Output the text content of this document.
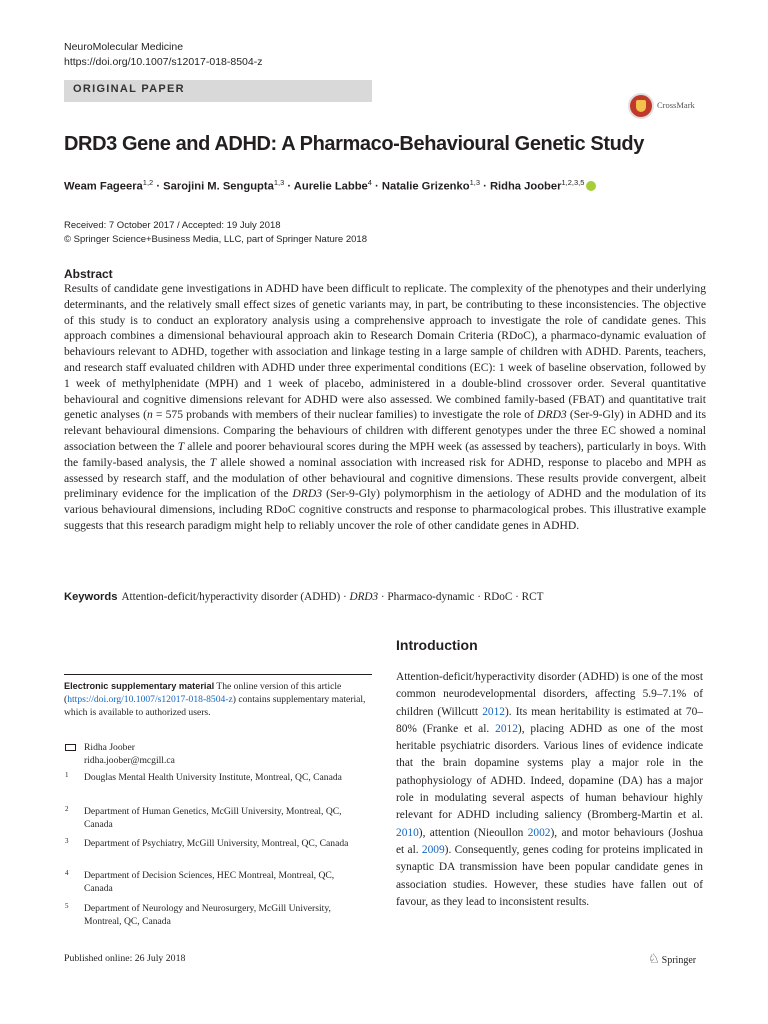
NeuroMolecular Medicine
https://doi.org/10.1007/s12017-018-8504-z
ORIGINAL PAPER
CrossMark
DRD3 Gene and ADHD: A Pharmaco-Behavioural Genetic Study
Weam Fageera$^{1,2}$ · Sarojini M. Sengupta$^{1,3}$ · Aurelie Labbe$^4$ · Natalie Grizenko$^{1,3}$ · Ridha Joober$^{1,2,3,5}$
Received: 7 October 2017 / Accepted: 19 July 2018
© Springer Science+Business Media, LLC, part of Springer Nature 2018
Abstract

Results of candidate gene investigations in ADHD have been difficult to replicate. The complexity of the phenotypes and their underlying determinants, and the relatively small effect sizes of genetic variants may, in part, be contributing to these inconsistencies. The objective of this study is to conduct an exploratory analysis using a comprehensive approach to investigate the role of candidate genes. This approach combines a dimensional behavioural approach akin to Research Domain Criteria (RDoC), a pharmaco-dynamic evaluation of behaviours relevant to ADHD, together with association and linkage testing in a large sample of children with ADHD. Parents, teachers, and research staff evaluated children with ADHD under three experimental conditions (EC): 1 week of baseline observation, followed by 1 week of methylphenidate (MPH) and 1 week of placebo, administered in a double-blind crossover order. Several quantitative behavioural and cognitive dimensions relevant for ADHD were also assessed. We combined family-based (FBAT) and quantitative trait genetic analyses (n = 575 probands with members of their nuclear families) to investigate the role of DRD3 (Ser-9-Gly) in ADHD and its relevant behavioural dimensions. Comparing the behaviours of children with different genotypes under the three EC showed a nominal association between the T allele and poorer behavioural scores during the MPH week (as assessed by teachers), particularly in boys. With the family-based analysis, the T allele showed a nominal association with increased risk for ADHD, response to placebo and MPH as assessed by research staff, and the modulation of other behavioural and cognitive dimensions. These results provide convergent, albeit preliminary evidence for the implication of the DRD3 (Ser-9-Gly) polymorphism in the aetiology of ADHD and the modulation of its various behavioural dimensions, including RDoC cognitive constructs and response to pharmacological probes. This illustrative example suggests that this research paradigm might help to reliably uncover the role of other candidate genes in ADHD.

Keywords Attention-deficit/hyperactivity disorder (ADHD) · DRD3 · Pharmaco-dynamic · RDoC · RCT
Introduction

Attention-deficit/hyperactivity disorder (ADHD) is one of the most common neurodevelopmental disorders, affecting 5.9–7.1% of children (Willcutt 2012). Its mean heritability is estimated at 70–80% (Franke et al. 2012), placing ADHD as one of the most heritable psychiatric disorders. Various lines of evidence indicate that the brain dopamine systems play a major role in the pathophysiology of ADHD. Indeed, dopamine (DA) has a major role in modulating several aspects of human behaviour highly relevant for ADHD including saliency (Bromberg-Martin et al. 2010), attention (Nieoullon 2002), and motor behaviours (Joshua et al. 2009). Consequently, genes coding for proteins implicated in synaptic DA transmission have been popular candidate genes in association studies. However, these studies have fallen out of favour, as they lead to inconsistent results.

Electronic supplementary material The online version of this article (https://doi.org/10.1007/s12017-018-8504-z) contains supplementary material, which is available to authorized users.

Ridha Joober
ridha.joober@mcgill.ca
1 Douglas Mental Health University Institute, Montreal, QC, Canada
2 Department of Human Genetics, McGill University, Montreal, QC, Canada
3 Department of Psychiatry, McGill University, Montreal, QC, Canada
4 Department of Decision Sciences, HEC Montreal, Montreal, QC, Canada
5 Department of Neurology and Neurosurgery, McGill University, Montreal, QC, Canada
Published online: 26 July 2018	♘ Springer
